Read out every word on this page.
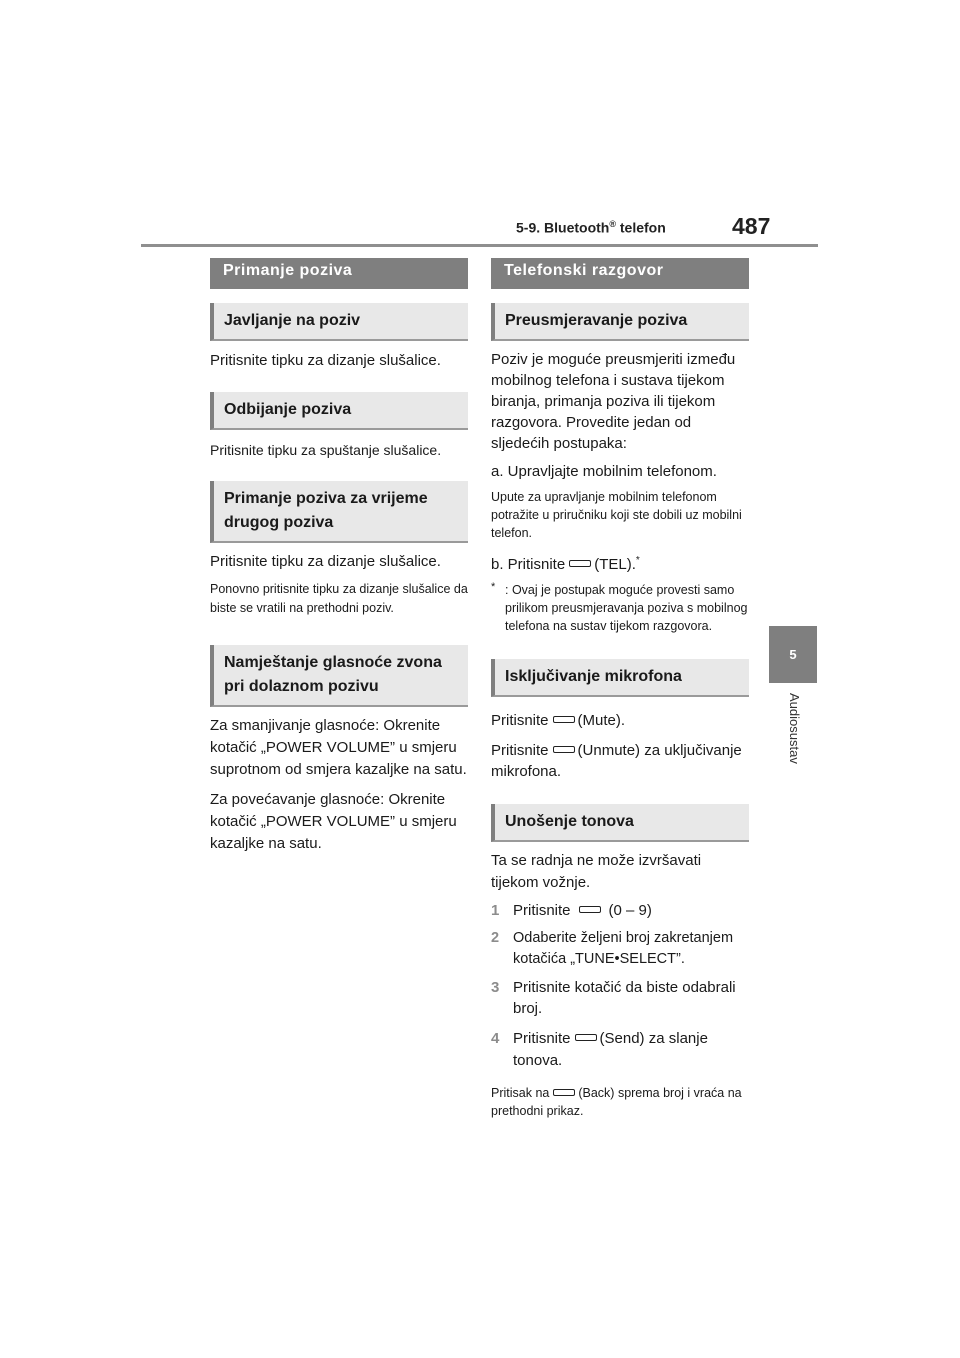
5-9. Bluetooth® telefon	487
5
Audiosustav
Primanje poziva
Javljanje na poziv

Pritisnite tipku za dizanje slušalice.

Odbijanje poziva

Pritisnite tipku za spuštanje slušalice.

Primanje poziva za vrijeme drugog poziva

Pritisnite tipku za dizanje slušalice.

Ponovno pritisnite tipku za dizanje slušalice da biste se vratili na prethodni poziv.

Namještanje glasnoće zvona pri dolaznom pozivu

Za smanjivanje glasnoće: Okrenite kotačić „POWER VOLUME” u smjeru suprotnom od smjera kazaljke na satu.

Za povećavanje glasnoće: Okrenite kotačić „POWER VOLUME” u smjeru kazaljke na satu.

Telefonski razgovor
Preusmjeravanje poziva

Poziv je moguće preusmjeriti između mobilnog telefona i sustava tijekom biranja, primanja poziva ili tijekom razgovora. Provedite jedan od sljedećih postupaka:

a. Upravljajte mobilnim telefonom.

Upute za upravljanje mobilnim telefonom potražite u priručniku koji ste dobili uz mobilni telefon.

b. Pritisnite (TEL).*

* : Ovaj je postupak moguće provesti samo prilikom preusmjeravanja poziva s mobilnog telefona na sustav tijekom razgovora.

Isključivanje mikrofona

Pritisnite (Mute).

Pritisnite (Unmute) za uključivanje mikrofona.

Unošenje tonova

Ta se radnja ne može izvršavati tijekom vožnje.

1 Pritisnite	(0 – 9)
2 Odaberite željeni broj zakretanjem kotačića „TUNE•SELECT”.
3 Pritisnite kotačić da biste odabrali broj.
4 Pritisnite (Send) za slanje tonova.

Pritisak na (Back) sprema broj i vraća na prethodni prikaz.
